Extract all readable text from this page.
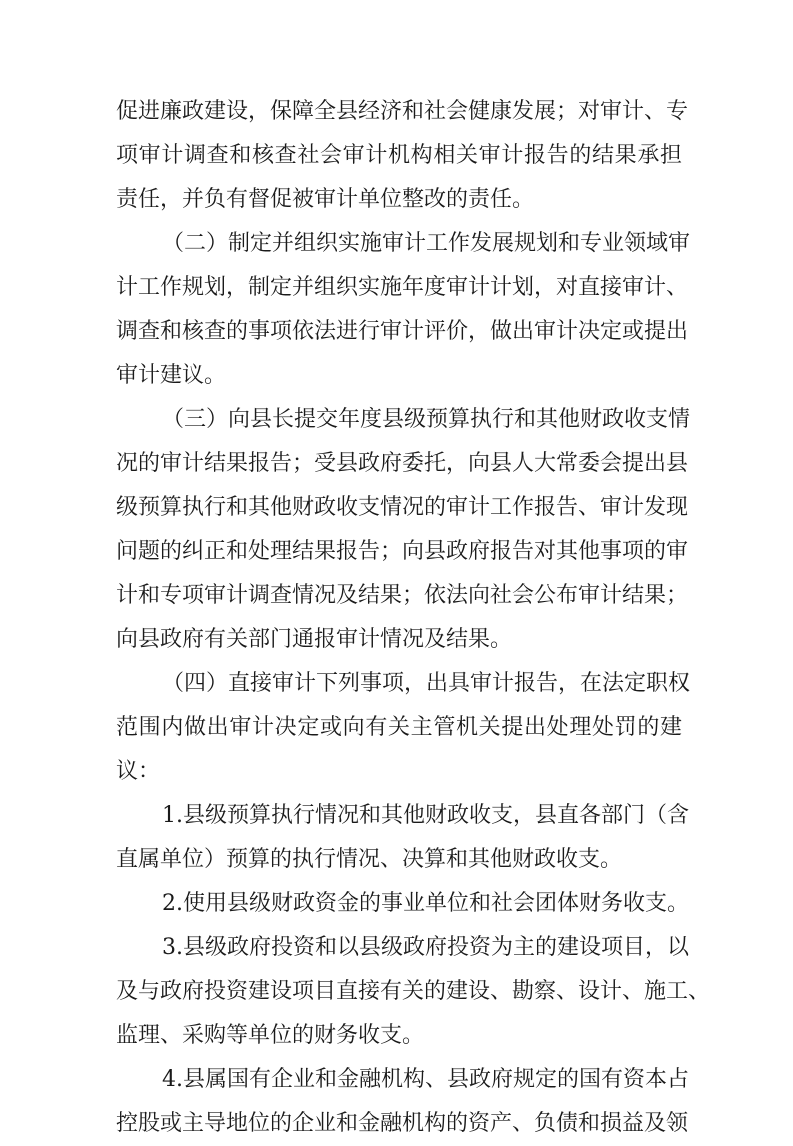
促进廉政建设，保障全县经济和社会健康发展；对审计、专
项审计调查和核查社会审计机构相关审计报告的结果承担
责任，并负有督促被审计单位整改的责任。
（二）制定并组织实施审计工作发展规划和专业领域审
计工作规划，制定并组织实施年度审计计划，对直接审计、
调查和核查的事项依法进行审计评价，做出审计决定或提出
审计建议。
（三）向县长提交年度县级预算执行和其他财政收支情
况的审计结果报告；受县政府委托，向县人大常委会提出县
级预算执行和其他财政收支情况的审计工作报告、审计发现
问题的纠正和处理结果报告；向县政府报告对其他事项的审
计和专项审计调查情况及结果；依法向社会公布审计结果；
向县政府有关部门通报审计情况及结果。
（四）直接审计下列事项，出具审计报告，在法定职权
范围内做出审计决定或向有关主管机关提出处理处罚的建
议：
1.县级预算执行情况和其他财政收支，县直各部门（含
直属单位）预算的执行情况、决算和其他财政收支。
2.使用县级财政资金的事业单位和社会团体财务收支。
3.县级政府投资和以县级政府投资为主的建设项目，以
及与政府投资建设项目直接有关的建设、勘察、设计、施工、
监理、采购等单位的财务收支。
4.县属国有企业和金融机构、县政府规定的国有资本占
控股或主导地位的企业和金融机构的资产、负债和损益及领
